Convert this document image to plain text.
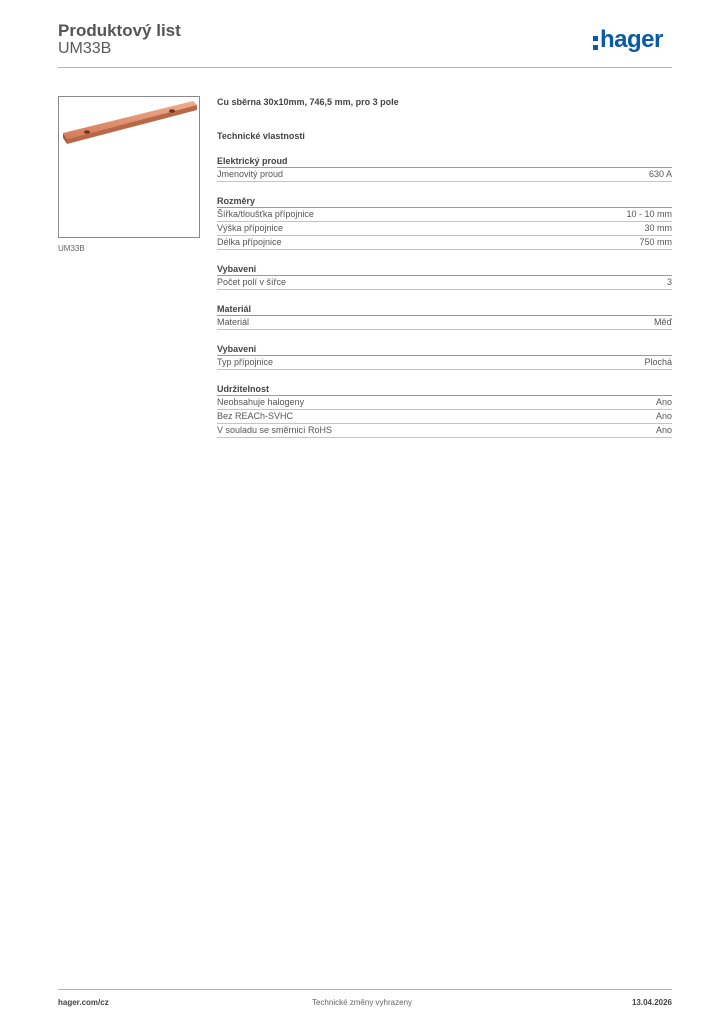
Produktový list
UM33B	hager
UM33B
Cu sběrna 30x10mm, 746,5 mm, pro 3 pole
Technické vlastnosti
Elektrický proud
Jmenovitý proud	630 A
Rozměry
Šířka/tloušťka přípojnice	10 - 10 mm
Výška přípojnice	30 mm
Délka přípojnice	750 mm
Vybavení
Počet polí v šířce	3
Materiál
Materiál	Měď
Vybavení
Typ přípojnice	Plochá
Udržitelnost
Neobsahuje halogeny	Ano
Bez REACh-SVHC	Ano
V souladu se směrnicí RoHS	Ano
hager.com/cz	Technické změny vyhrazeny	13.04.2026
